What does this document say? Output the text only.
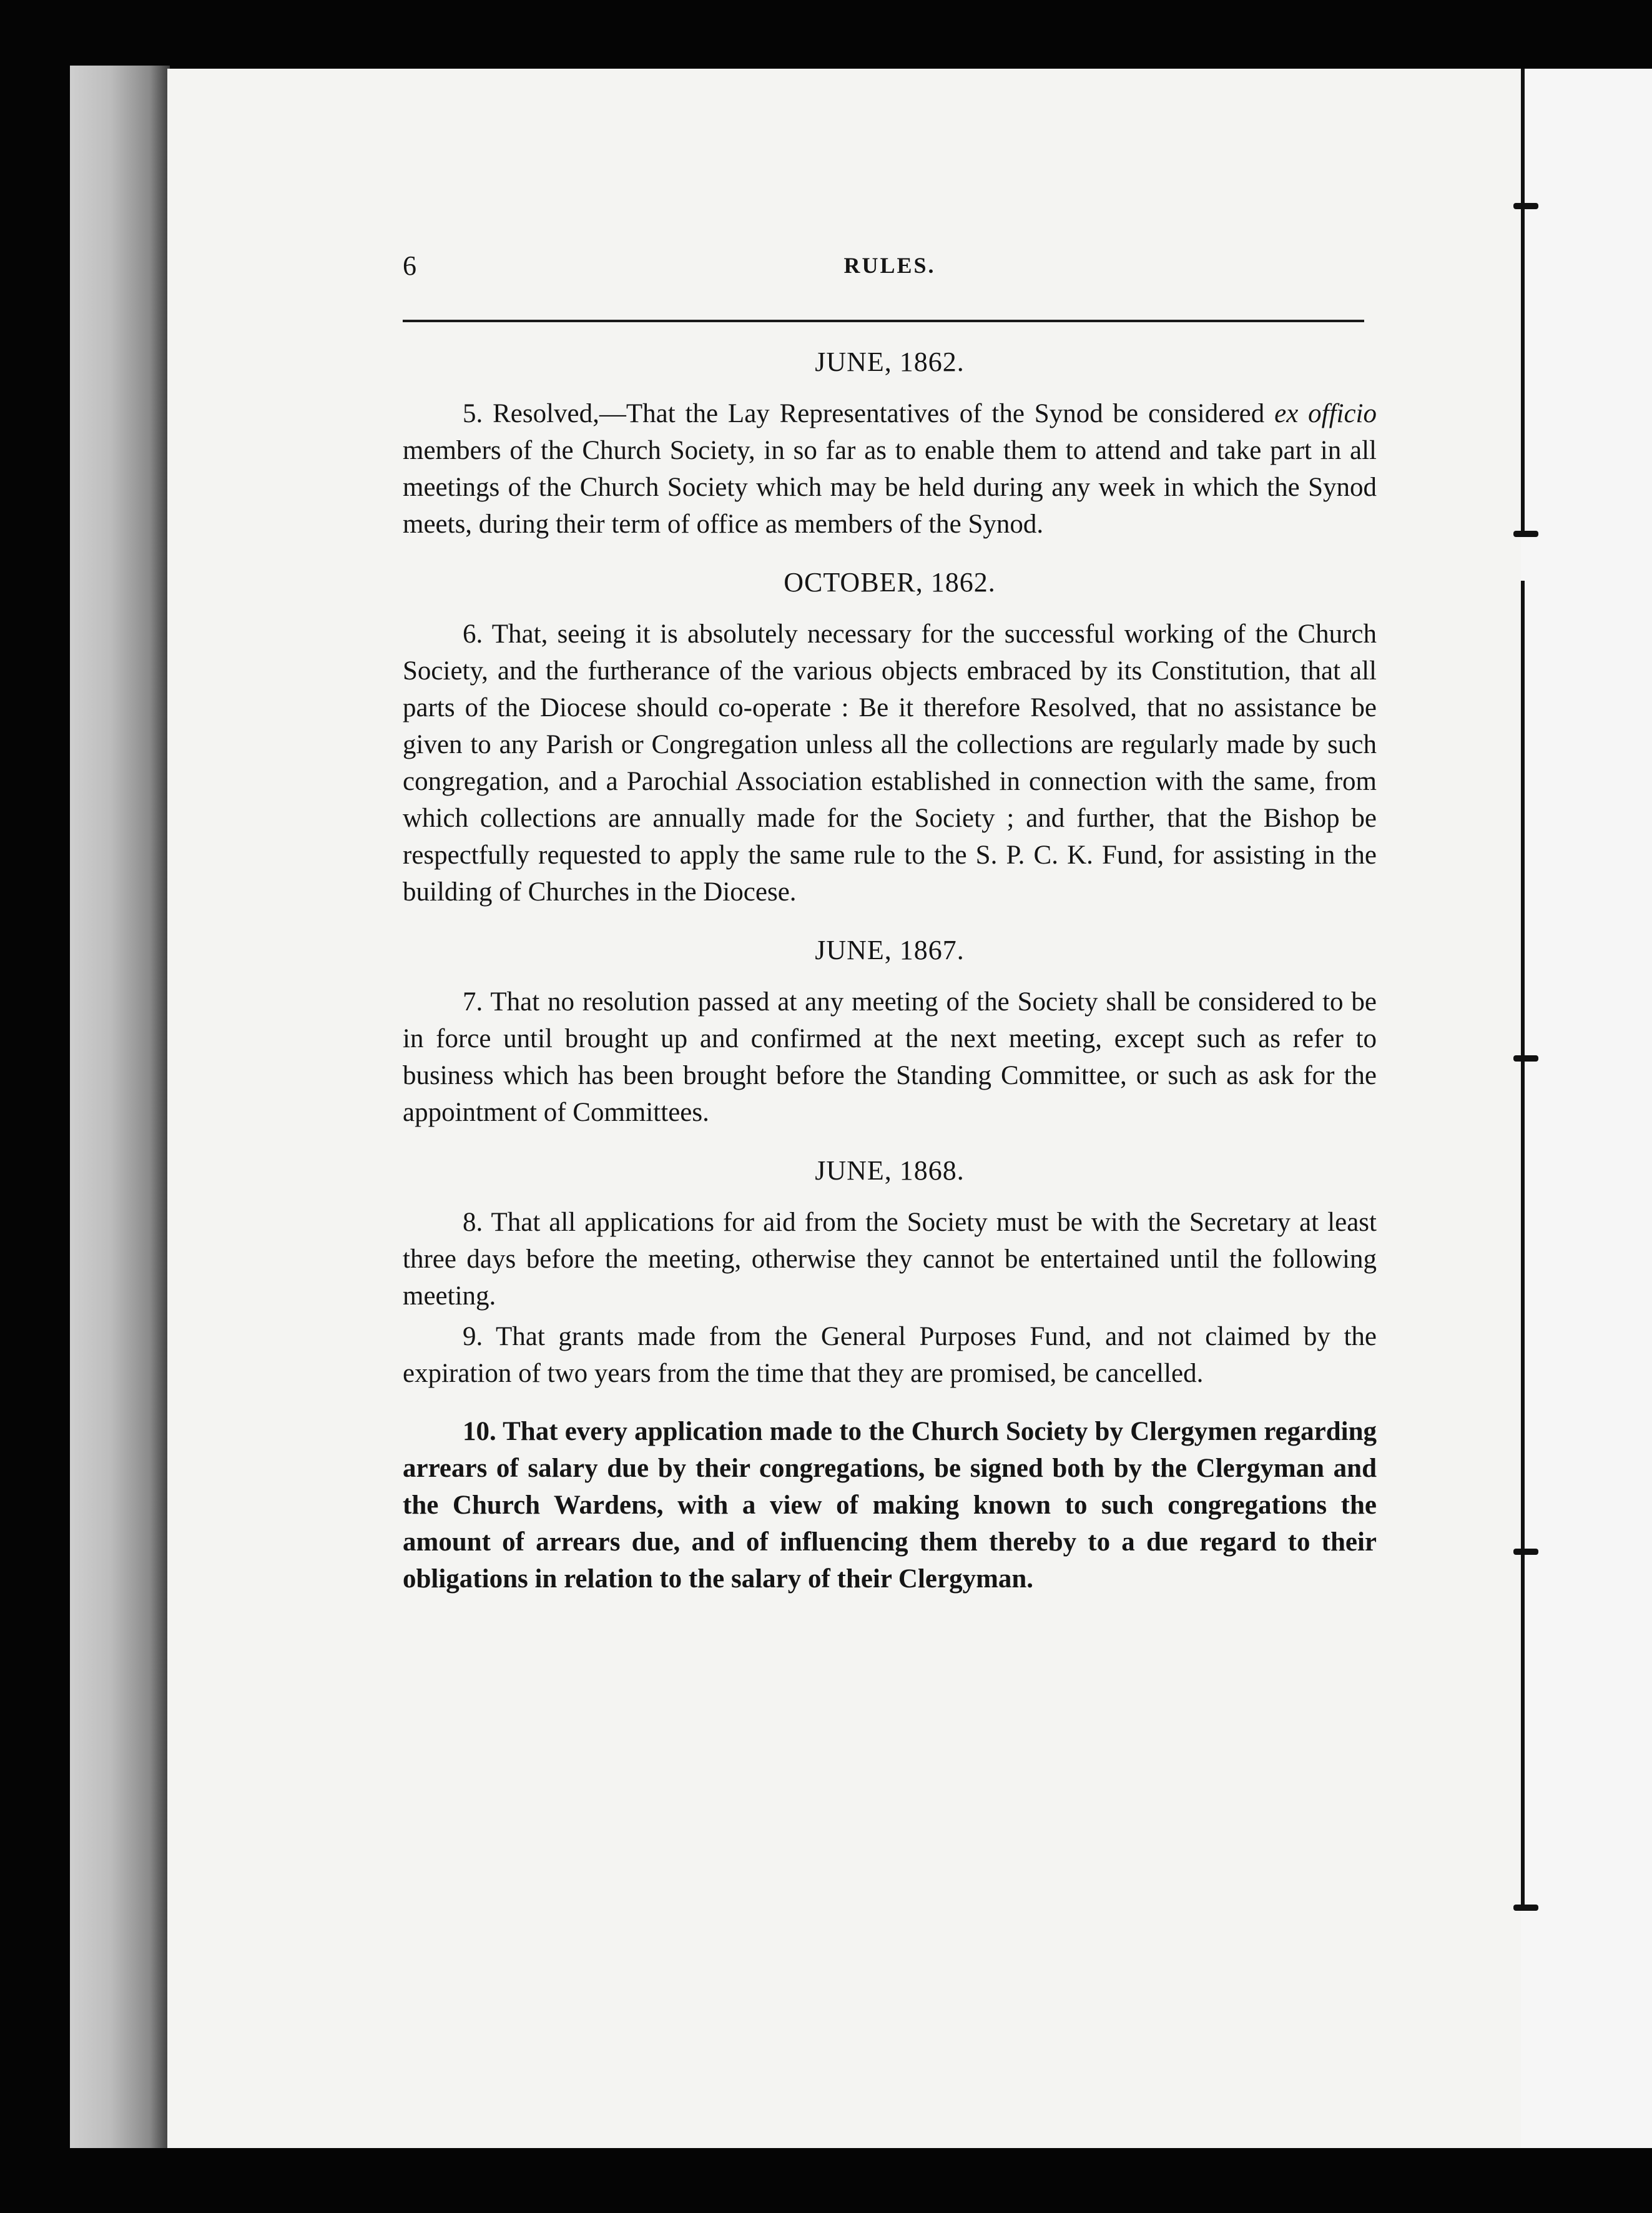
6	RULES.
JUNE, 1862.

5. Resolved,—That the Lay Representatives of the Synod be considered ex officio members of the Church Society, in so far as to enable them to attend and take part in all meetings of the Church Society which may be held during any week in which the Synod meets, during their term of office as members of the Synod.

OCTOBER, 1862.

6. That, seeing it is absolutely necessary for the successful working of the Church Society, and the furtherance of the various objects embraced by its Constitution, that all parts of the Diocese should co-operate : Be it therefore Resolved, that no assistance be given to any Parish or Congregation unless all the collections are regularly made by such congregation, and a Parochial Association established in connection with the same, from which collections are annually made for the Society ; and further, that the Bishop be respectfully requested to apply the same rule to the S. P. C. K. Fund, for assisting in the building of Churches in the Diocese.

JUNE, 1867.

7. That no resolution passed at any meeting of the Society shall be considered to be in force until brought up and confirmed at the next meeting, except such as refer to business which has been brought before the Standing Committee, or such as ask for the appointment of Committees.

JUNE, 1868.

8. That all applications for aid from the Society must be with the Secretary at least three days before the meeting, otherwise they cannot be entertained until the following meeting.

9. That grants made from the General Purposes Fund, and not claimed by the expiration of two years from the time that they are promised, be cancelled.

10. That every application made to the Church Society by Clergymen regarding arrears of salary due by their congregations, be signed both by the Clergyman and the Church Wardens, with a view of making known to such congregations the amount of arrears due, and of influencing them thereby to a due regard to their obligations in relation to the salary of their Clergyman.
